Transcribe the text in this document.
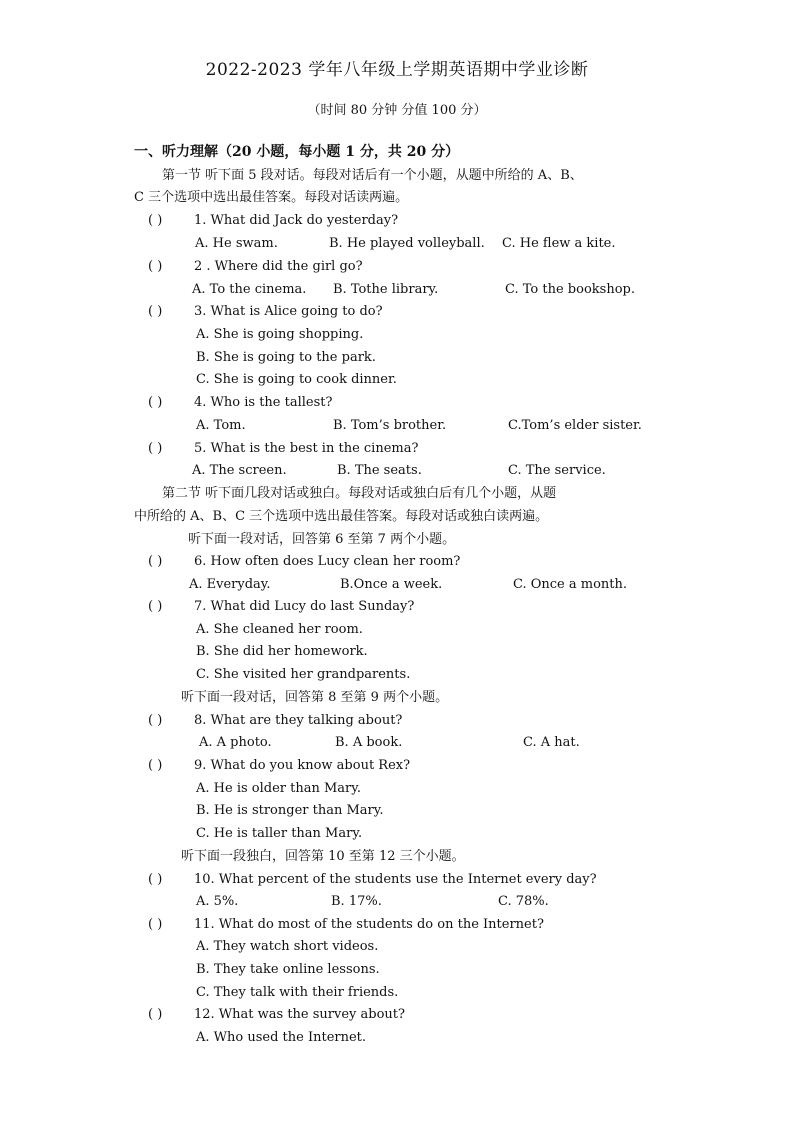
2022-2023 学年八年级上学期英语期中学业诊断
（时间 80 分钟 分值 100 分）
一、听力理解（20 小题，每小题 1 分，共 20 分）
第一节 听下面 5 段对话。每段对话后有一个小题，从题中所给的 A、B、
C 三个选项中选出最佳答案。每段对话读两遍。
( ) 1. What did Jack do yesterday?
A. He swam.	B. He played volleyball. C. He flew a kite.
( ) 2 . Where did the girl go?
A. To the cinema. B. Tothe library.	C. To the bookshop.
( ) 3. What is Alice going to do?
A. She is going shopping.
B. She is going to the park.
C. She is going to cook dinner.
( ) 4. Who is the tallest?
A. Tom.	B. Tom’s brother.	C.Tom’s elder sister.
( ) 5. What is the best in the cinema?
A. The screen.	B. The seats.	C. The service.
第二节 听下面几段对话或独白。每段对话或独白后有几个小题，从题
中所给的 A、B、C 三个选项中选出最佳答案。每段对话或独白读两遍。
听下面一段对话，回答第 6 至第 7 两个小题。
( ) 6. How often does Lucy clean her room?
A. Everyday.	B.Once a week.	C. Once a month.
( ) 7. What did Lucy do last Sunday?
A. She cleaned her room.
B. She did her homework.
C. She visited her grandparents.
听下面一段对话，回答第 8 至第 9 两个小题。
( ) 8. What are they talking about?
A. A photo.	B. A book.	C. A hat.
( ) 9. What do you know about Rex?
A. He is older than Mary.
B. He is stronger than Mary.
C. He is taller than Mary.
听下面一段独白，回答第 10 至第 12 三个小题。
( ) 10. What percent of the students use the Internet every day?
A. 5%.	B. 17%.	C. 78%.
( ) 11. What do most of the students do on the Internet?
A. They watch short videos.
B. They take online lessons.
C. They talk with their friends.
( ) 12. What was the survey about?
A. Who used the Internet.
